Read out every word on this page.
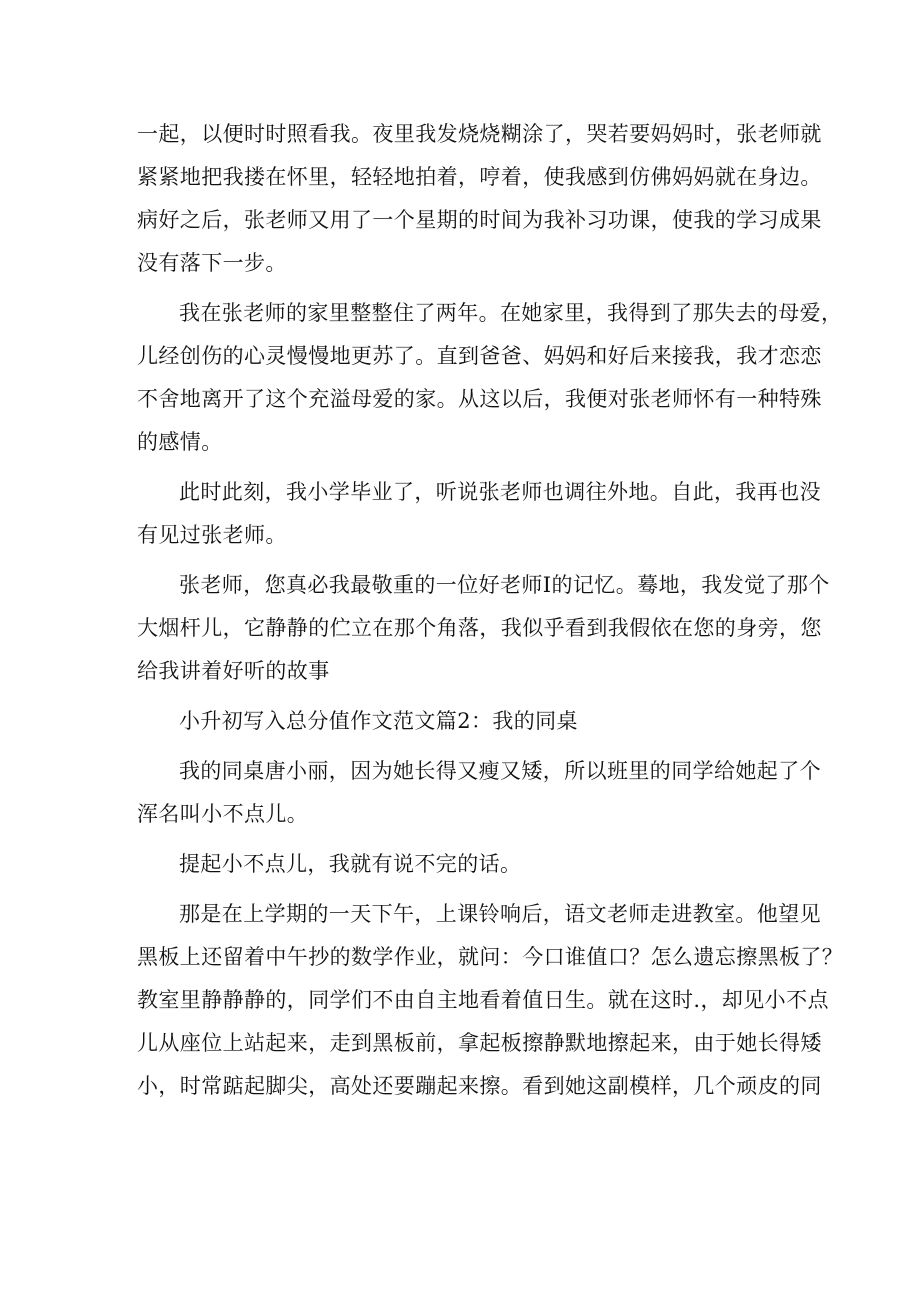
一起，以便时时照看我。夜里我发烧烧糊涂了，哭若要妈妈时，张老师就
紧紧地把我搂在怀里，轻轻地拍着，哼着，使我感到仿佛妈妈就在身边。
病好之后，张老师又用了一个星期的时间为我补习功课，使我的学习成果
没有落下一步。
我在张老师的家里整整住了两年。在她家里，我得到了那失去的母爱，
儿经创伤的心灵慢慢地更苏了。直到爸爸、妈妈和好后来接我，我才恋恋
不舍地离开了这个充溢母爱的家。从这以后，我便对张老师怀有一种特殊
的感情。
此时此刻，我小学毕业了，听说张老师也调往外地。自此，我再也没
有见过张老师。
张老师，您真必我最敬重的一位好老师I的记忆。蓦地，我发觉了那个
大烟杆儿，它静静的伫立在那个角落，我似乎看到我假依在您的身旁，您
给我讲着好听的故事
小升初写入总分值作文范文篇2：我的同桌
我的同桌唐小丽，因为她长得又瘦又矮，所以班里的同学给她起了个
浑名叫小不点儿。
提起小不点儿，我就有说不完的话。
那是在上学期的一天下午，上课铃响后，语文老师走进教室。他望见
黑板上还留着中午抄的数学作业，就问：今口谁值口？怎么遗忘擦黑板了？
教室里静静静的，同学们不由自主地看着值日生。就在这时.，却见小不点
儿从座位上站起来，走到黑板前，拿起板擦静默地擦起来，由于她长得矮
小，时常踮起脚尖，高处还要蹦起来擦。看到她这副模样，几个顽皮的同
